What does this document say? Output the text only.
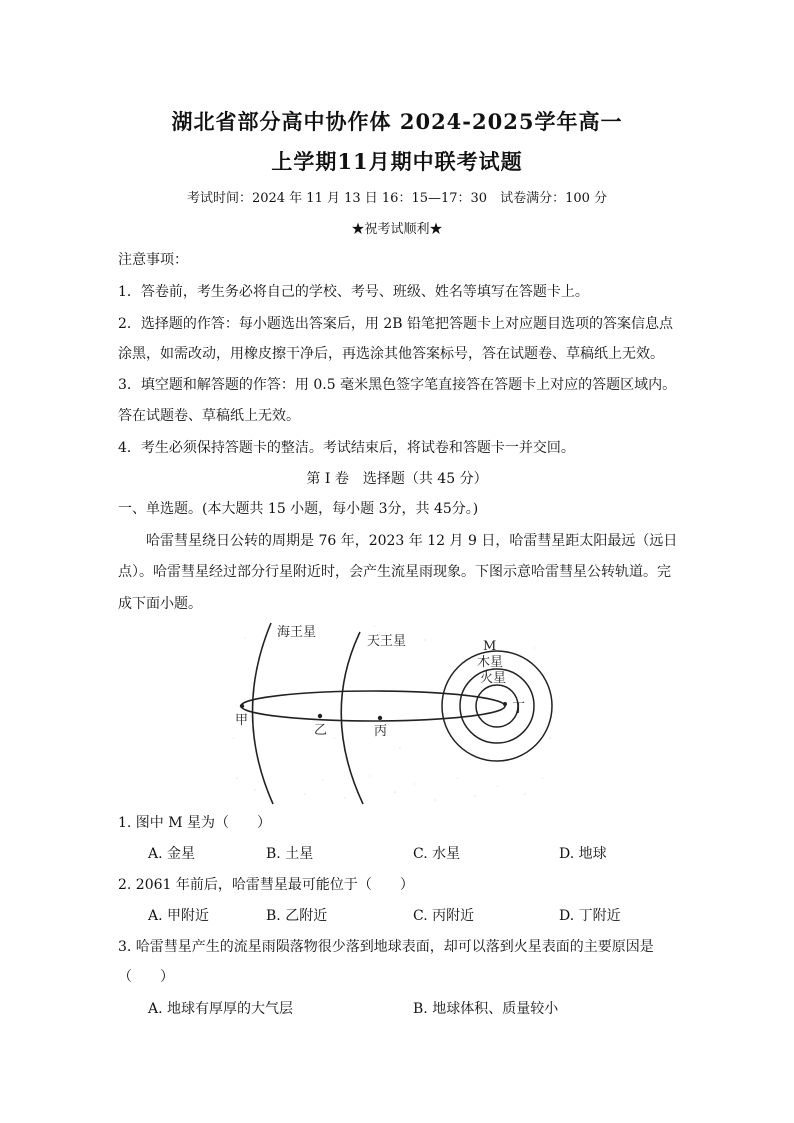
湖北省部分高中协作体 2024-2025学年高一
上学期11月期中联考试题
考试时间：2024 年 11 月 13 日 16：15—17：30　试卷满分：100 分
★祝考试顺利★
注意事项：
1．答卷前，考生务必将自己的学校、考号、班级、姓名等填写在答题卡上。
2．选择题的作答：每小题选出答案后，用 2B 铅笔把答题卡上对应题目选项的答案信息点
涂黑，如需改动，用橡皮擦干净后，再选涂其他答案标号，答在试题卷、草稿纸上无效。
3．填空题和解答题的作答：用 0.5 毫米黑色签字笔直接答在答题卡上对应的答题区域内。
答在试题卷、草稿纸上无效。
4．考生必须保持答题卡的整洁。考试结束后，将试卷和答题卡一并交回。
第 I 卷　选择题（共 45 分）
一、单选题。(本大题共 15 小题，每小题 3分，共 45分。)
哈雷彗星绕日公转的周期是 76 年，2023 年 12 月 9 日，哈雷彗星距太阳最远（远日
点）。哈雷彗星经过部分行星附近时，会产生流星雨现象。下图示意哈雷彗星公转轨道。完
成下面小题。
海王星
天王星	M
木星
火星
甲
乙	丙
丁
1. 图中 M 星为（　　）
A. 金星	B. 土星	C. 水星	D. 地球
2. 2061 年前后，哈雷彗星最可能位于（　　）
A. 甲附近	B. 乙附近	C. 丙附近	D. 丁附近
3. 哈雷彗星产生的流星雨陨落物很少落到地球表面，却可以落到火星表面的主要原因是
（　　）
A. 地球有厚厚的大气层	B. 地球体积、质量较小
